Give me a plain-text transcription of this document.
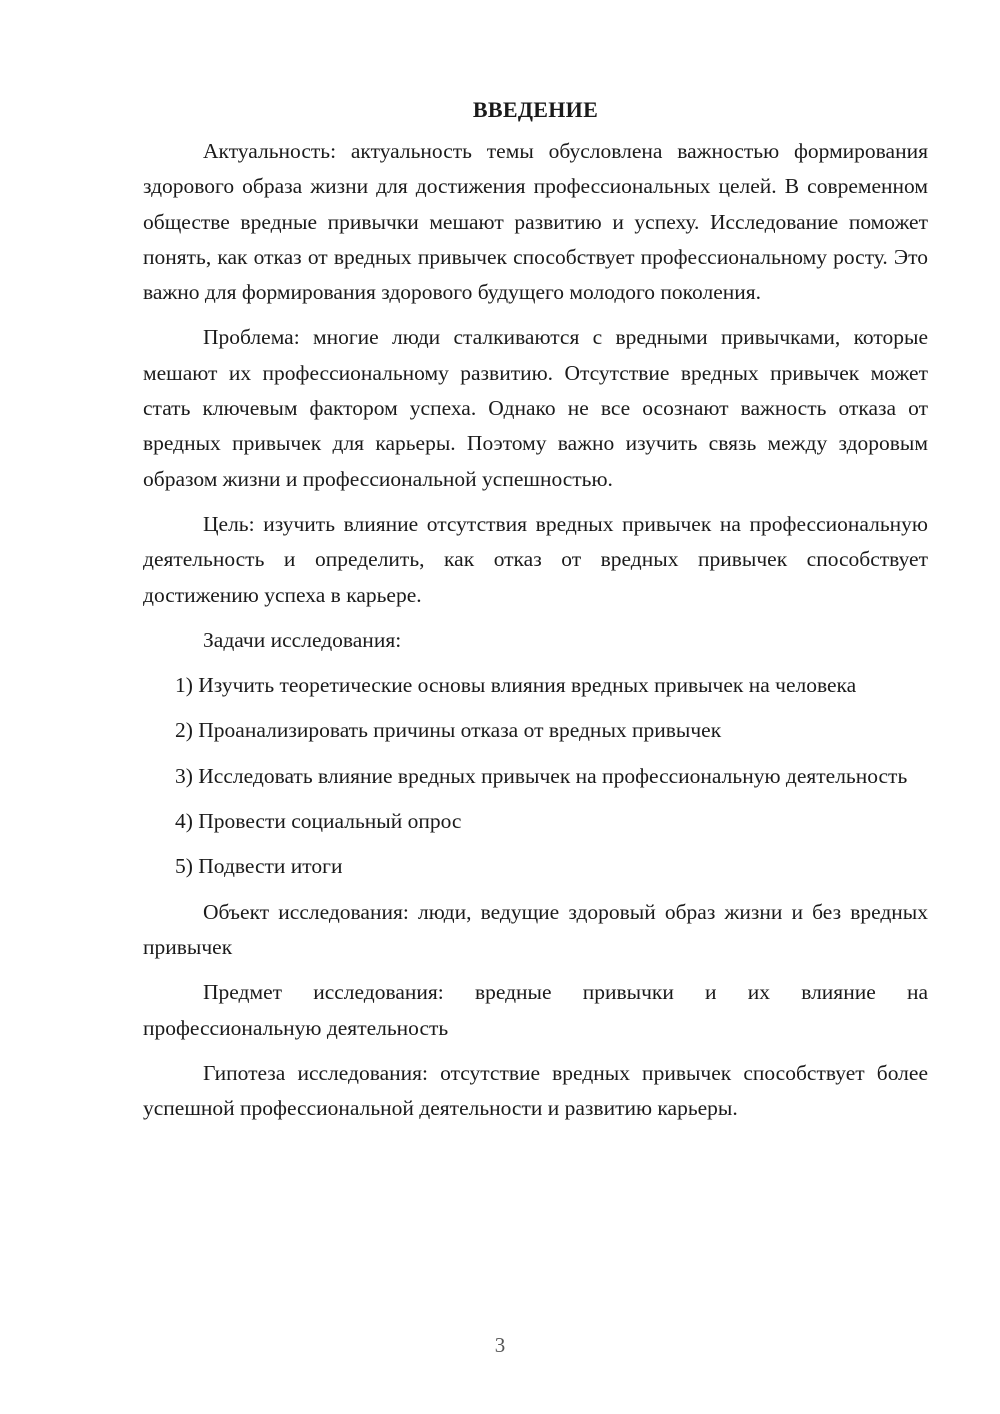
ВВЕДЕНИЕ

Актуальность: актуальность темы обусловлена важностью формирования здорового образа жизни для достижения профессиональных целей. В современном обществе вредные привычки мешают развитию и успеху. Исследование поможет понять, как отказ от вредных привычек способствует профессиональному росту. Это важно для формирования здорового будущего молодого поколения.

Проблема: многие люди сталкиваются с вредными привычками, которые мешают их профессиональному развитию. Отсутствие вредных привычек может стать ключевым фактором успеха. Однако не все осознают важность отказа от вредных привычек для карьеры. Поэтому важно изучить связь между здоровым образом жизни и профессиональной успешностью.

Цель: изучить влияние отсутствия вредных привычек на профессиональную деятельность и определить, как отказ от вредных привычек способствует достижению успеха в карьере.

Задачи исследования:

1) Изучить теоретические основы влияния вредных привычек на человека

2) Проанализировать причины отказа от вредных привычек

3) Исследовать влияние вредных привычек на профессиональную деятельность

4) Провести социальный опрос

5) Подвести итоги

Объект исследования: люди, ведущие здоровый образ жизни и без вредных привычек

Предмет исследования: вредные привычки и их влияние на профессиональную деятельность

Гипотеза исследования: отсутствие вредных привычек способствует более успешной профессиональной деятельности и развитию карьеры.

3
